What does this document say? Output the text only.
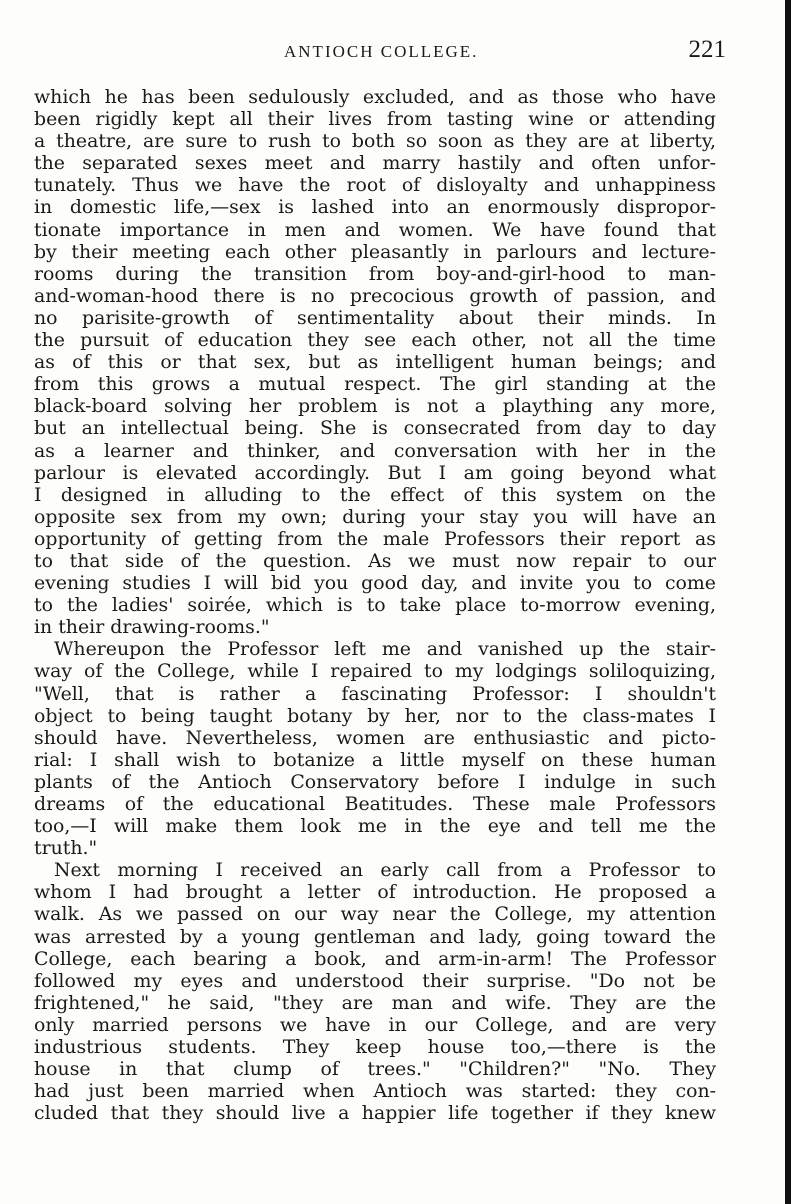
ANTIOCH COLLEGE.	221
which he has been sedulously excluded, and as those who have
been rigidly kept all their lives from tasting wine or attending
a theatre, are sure to rush to both so soon as they are at liberty,
the separated sexes meet and marry hastily and often unfor-
tunately. Thus we have the root of disloyalty and unhappiness
in domestic life,—sex is lashed into an enormously dispropor-
tionate importance in men and women. We have found that
by their meeting each other pleasantly in parlours and lecture-
rooms during the transition from boy-and-girl-hood to man-
and-woman-hood there is no precocious growth of passion, and
no parisite-growth of sentimentality about their minds. In
the pursuit of education they see each other, not all the time
as of this or that sex, but as intelligent human beings; and
from this grows a mutual respect. The girl standing at the
black-board solving her problem is not a plaything any more,
but an intellectual being. She is consecrated from day to day
as a learner and thinker, and conversation with her in the
parlour is elevated accordingly. But I am going beyond what
I designed in alluding to the effect of this system on the
opposite sex from my own; during your stay you will have an
opportunity of getting from the male Professors their report as
to that side of the question. As we must now repair to our
evening studies I will bid you good day, and invite you to come
to the ladies' soirée, which is to take place to-morrow evening,
in their drawing-rooms."
Whereupon the Professor left me and vanished up the stair-
way of the College, while I repaired to my lodgings soliloquizing,
"Well, that is rather a fascinating Professor: I shouldn't
object to being taught botany by her, nor to the class-mates I
should have. Nevertheless, women are enthusiastic and picto-
rial: I shall wish to botanize a little myself on these human
plants of the Antioch Conservatory before I indulge in such
dreams of the educational Beatitudes. These male Professors
too,—I will make them look me in the eye and tell me the
truth."
Next morning I received an early call from a Professor to
whom I had brought a letter of introduction. He proposed a
walk. As we passed on our way near the College, my attention
was arrested by a young gentleman and lady, going toward the
College, each bearing a book, and arm-in-arm! The Professor
followed my eyes and understood their surprise. "Do not be
frightened," he said, "they are man and wife. They are the
only married persons we have in our College, and are very
industrious students. They keep house too,—there is the
house in that clump of trees." "Children?" "No. They
had just been married when Antioch was started: they con-
cluded that they should live a happier life together if they knew
